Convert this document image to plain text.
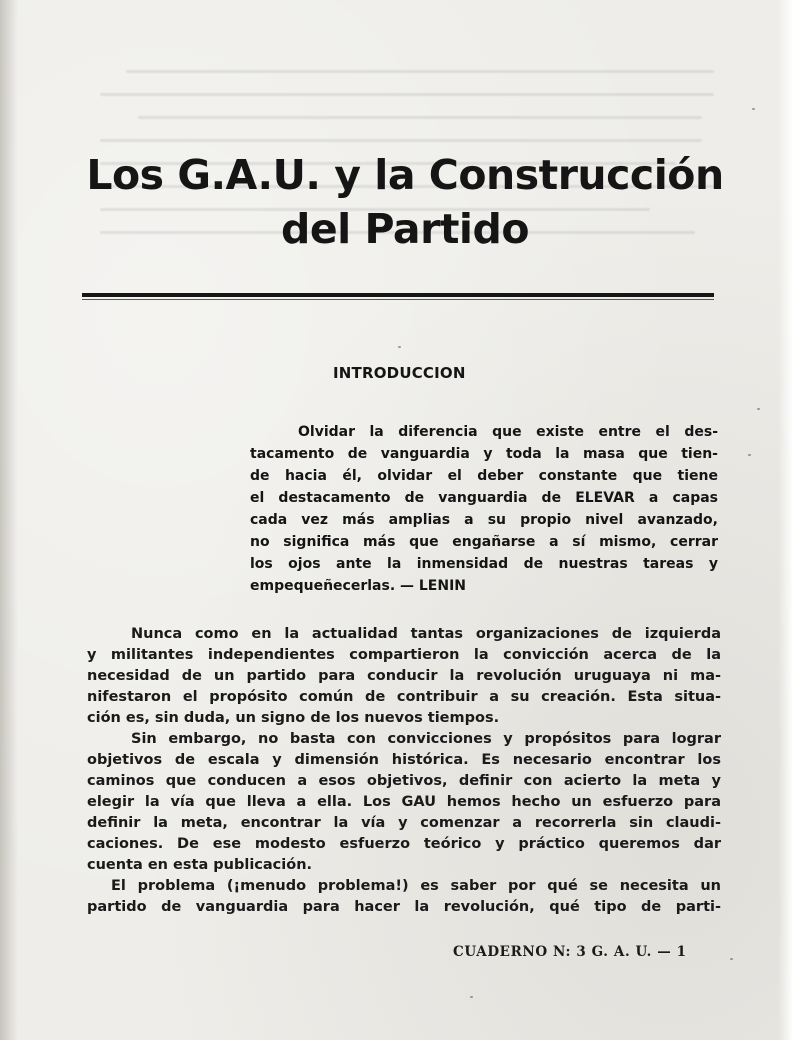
Los G.A.U. y la Construcción
del Partido
INTRODUCCION

Olvidar la diferencia que existe entre el des-
tacamento de vanguardia y toda la masa que tien-
de hacia él, olvidar el deber constante que tiene
el destacamento de vanguardia de ELEVAR a capas
cada vez más amplias a su propio nivel avanzado,
no significa más que engañarse a sí mismo, cerrar
los ojos ante la inmensidad de nuestras tareas y
empequeñecerlas. — LENIN

Nunca como en la actualidad tantas organizaciones de izquierda
y militantes independientes compartieron la convicción acerca de la
necesidad de un partido para conducir la revolución uruguaya ni ma-
nifestaron el propósito común de contribuir a su creación. Esta situa-
ción es, sin duda, un signo de los nuevos tiempos.
Sin embargo, no basta con convicciones y propósitos para lograr
objetivos de escala y dimensión histórica. Es necesario encontrar los
caminos que conducen a esos objetivos, definir con acierto la meta y
elegir la vía que lleva a ella. Los GAU hemos hecho un esfuerzo para
definir la meta, encontrar la vía y comenzar a recorrerla sin claudi-
caciones. De ese modesto esfuerzo teórico y práctico queremos dar
cuenta en esta publicación.
El problema (¡menudo problema!) es saber por qué se necesita un
partido de vanguardia para hacer la revolución, qué tipo de parti-
CUADERNO N: 3 G. A. U. — 1
